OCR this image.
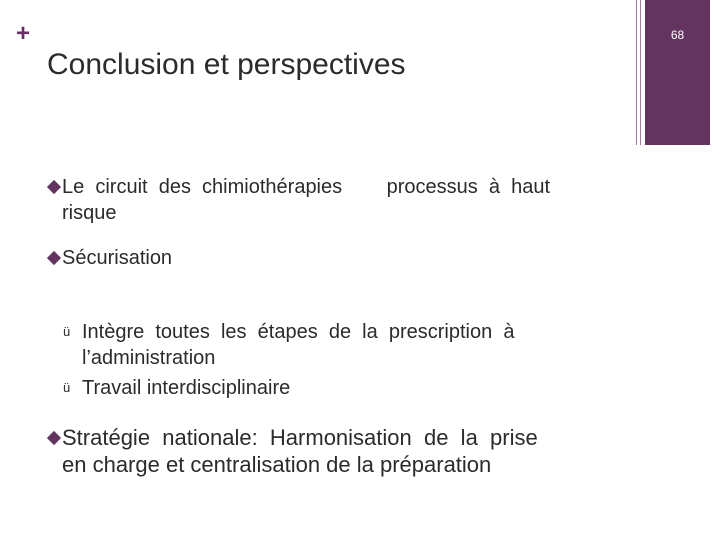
+
Conclusion et perspectives
68
Le  circuit  des  chimiothérapies        processus  à  haut
risque
Sécurisation
ü Intègre  toutes  les  étapes  de  la  prescription  à
l’administration
ü Travail interdisciplinaire
Stratégie  nationale:  Harmonisation  de  la  prise
en charge et centralisation de la préparation
